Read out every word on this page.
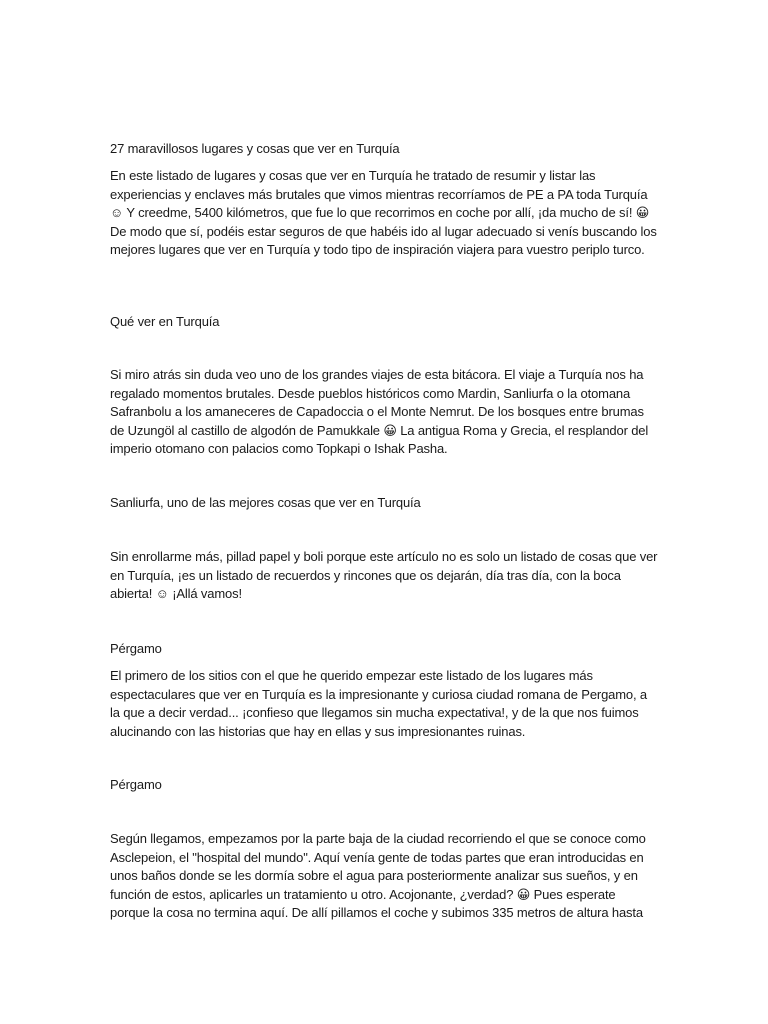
27 maravillosos lugares y cosas que ver en Turquía

En este listado de lugares y cosas que ver en Turquía he tratado de resumir y listar las experiencias y enclaves más brutales que vimos mientras recorríamos de PE a PA toda Turquía ☺ Y creedme, 5400 kilómetros, que fue lo que recorrimos en coche por allí, ¡da mucho de sí! 😀 De modo que sí, podéis estar seguros de que habéis ido al lugar adecuado si venís buscando los mejores lugares que ver en Turquía y todo tipo de inspiración viajera para vuestro periplo turco.

Qué ver en Turquía

Si miro atrás sin duda veo uno de los grandes viajes de esta bitácora. El viaje a Turquía nos ha regalado momentos brutales. Desde pueblos históricos como Mardin, Sanliurfa o la otomana Safranbolu a los amaneceres de Capadoccia o el Monte Nemrut. De los bosques entre brumas de Uzungöl al castillo de algodón de Pamukkale 😀 La antigua Roma y Grecia, el resplandor del imperio otomano con palacios como Topkapi o Ishak Pasha.

Sanliurfa, uno de las mejores cosas que ver en Turquía

Sin enrollarme más, pillad papel y boli porque este artículo no es solo un listado de cosas que ver en Turquía, ¡es un listado de recuerdos y rincones que os dejarán, día tras día, con la boca abierta! ☺ ¡Allá vamos!

Pérgamo

El primero de los sitios con el que he querido empezar este listado de los lugares más espectaculares que ver en Turquía es la impresionante y curiosa ciudad romana de Pergamo, a la que a decir verdad... ¡confieso que llegamos sin mucha expectativa!, y de la que nos fuimos alucinando con las historias que hay en ellas y sus impresionantes ruinas.

Pérgamo

Según llegamos, empezamos por la parte baja de la ciudad recorriendo el que se conoce como Asclepeion, el "hospital del mundo". Aquí venía gente de todas partes que eran introducidas en unos baños donde se les dormía sobre el agua para posteriormente analizar sus sueños, y en función de estos, aplicarles un tratamiento u otro. Acojonante, ¿verdad? 😀 Pues esperate porque la cosa no termina aquí. De allí pillamos el coche y subimos 335 metros de altura hasta
